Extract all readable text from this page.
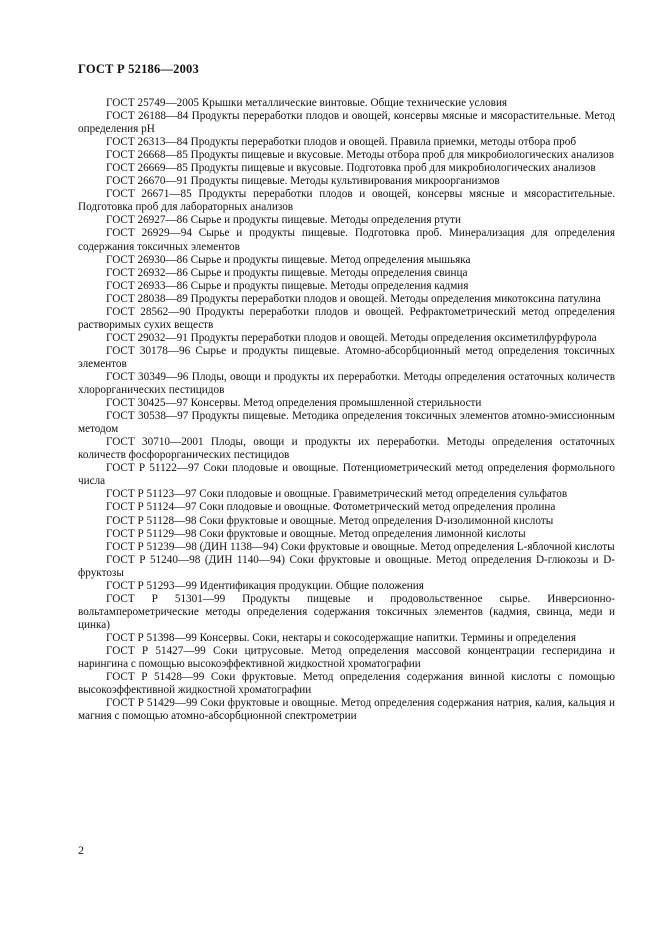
ГОСТ Р 52186—2003

ГОСТ 25749—2005 Крышки металлические винтовые. Общие технические условия

ГОСТ 26188—84 Продукты переработки плодов и овощей, консервы мясные и мясорастительные. Метод определения pH

ГОСТ 26313—84 Продукты переработки плодов и овощей. Правила приемки, методы отбора проб

ГОСТ 26668—85 Продукты пищевые и вкусовые. Методы отбора проб для микробиологических анализов

ГОСТ 26669—85 Продукты пищевые и вкусовые. Подготовка проб для микробиологических анализов

ГОСТ 26670—91 Продукты пищевые. Методы культивирования микроорганизмов

ГОСТ 26671—85 Продукты переработки плодов и овощей, консервы мясные и мясорастительные. Подготовка проб для лабораторных анализов

ГОСТ 26927—86 Сырье и продукты пищевые. Методы определения ртути

ГОСТ 26929—94 Сырье и продукты пищевые. Подготовка проб. Минерализация для определения содержания токсичных элементов

ГОСТ 26930—86 Сырье и продукты пищевые. Метод определения мышьяка

ГОСТ 26932—86 Сырье и продукты пищевые. Методы определения свинца

ГОСТ 26933—86 Сырье и продукты пищевые. Методы определения кадмия

ГОСТ 28038—89 Продукты переработки плодов и овощей. Методы определения микотоксина патулина

ГОСТ 28562—90 Продукты переработки плодов и овощей. Рефрактометрический метод определения растворимых сухих веществ

ГОСТ 29032—91 Продукты переработки плодов и овощей. Методы определения оксиметилфурфурола

ГОСТ 30178—96 Сырье и продукты пищевые. Атомно-абсорбционный метод определения токсичных элементов

ГОСТ 30349—96 Плоды, овощи и продукты их переработки. Методы определения остаточных количеств хлорорганических пестицидов

ГОСТ 30425—97 Консервы. Метод определения промышленной стерильности

ГОСТ 30538—97 Продукты пищевые. Методика определения токсичных элементов атомно-эмиссионным методом

ГОСТ 30710—2001 Плоды, овощи и продукты их переработки. Методы определения остаточных количеств фосфорорганических пестицидов

ГОСТ Р 51122—97 Соки плодовые и овощные. Потенциометрический метод определения формольного числа

ГОСТ Р 51123—97 Соки плодовые и овощные. Гравиметрический метод определения сульфатов

ГОСТ Р 51124—97 Соки плодовые и овощные. Фотометрический метод определения пролина

ГОСТ Р 51128—98 Соки фруктовые и овощные. Метод определения D-изолимонной кислоты

ГОСТ Р 51129—98 Соки фруктовые и овощные. Метод определения лимонной кислоты

ГОСТ Р 51239—98 (ДИН 1138—94) Соки фруктовые и овощные. Метод определения L-яблочной кислоты

ГОСТ Р 51240—98 (ДИН 1140—94) Соки фруктовые и овощные. Метод определения D-глюкозы и D-фруктозы

ГОСТ Р 51293—99 Идентификация продукции. Общие положения

ГОСТ Р 51301—99 Продукты пищевые и продовольственное сырье. Инверсионно-вольтамперометрические методы определения содержания токсичных элементов (кадмия, свинца, меди и цинка)

ГОСТ Р 51398—99 Консервы. Соки, нектары и сокосодержащие напитки. Термины и определения

ГОСТ Р 51427—99 Соки цитрусовые. Метод определения массовой концентрации гесперидина и нарингина с помощью высокоэффективной жидкостной хроматографии

ГОСТ Р 51428—99 Соки фруктовые. Метод определения содержания винной кислоты с помощью высокоэффективной жидкостной хроматографии

ГОСТ Р 51429—99 Соки фруктовые и овощные. Метод определения содержания натрия, калия, кальция и магния с помощью атомно-абсорбционной спектрометрии

2
